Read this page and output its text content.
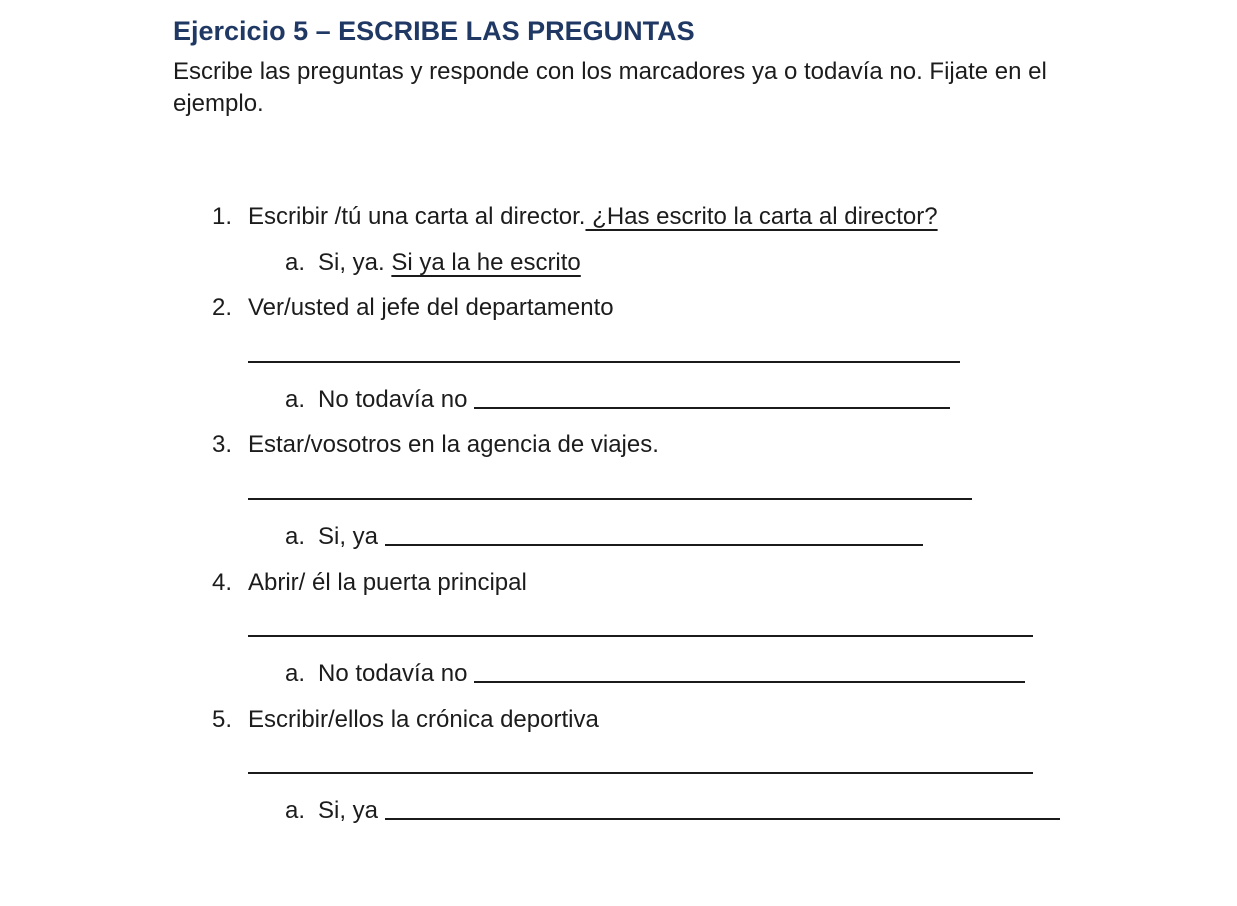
Ejercicio 5 – ESCRIBE LAS PREGUNTAS

Escribe las preguntas y responde con los marcadores ya o todavía no. Fijate en el
ejemplo.

1. Escribir /tú una carta al director. ¿Has escrito la carta al director?
a. Si, ya. Si ya la he escrito
2. Ver/usted al jefe del departamento
a. No todavía no
3. Estar/vosotros en la agencia de viajes.
a. Si, ya
4. Abrir/ él la puerta principal
a. No todavía no
5. Escribir/ellos la crónica deportiva
a. Si, ya
